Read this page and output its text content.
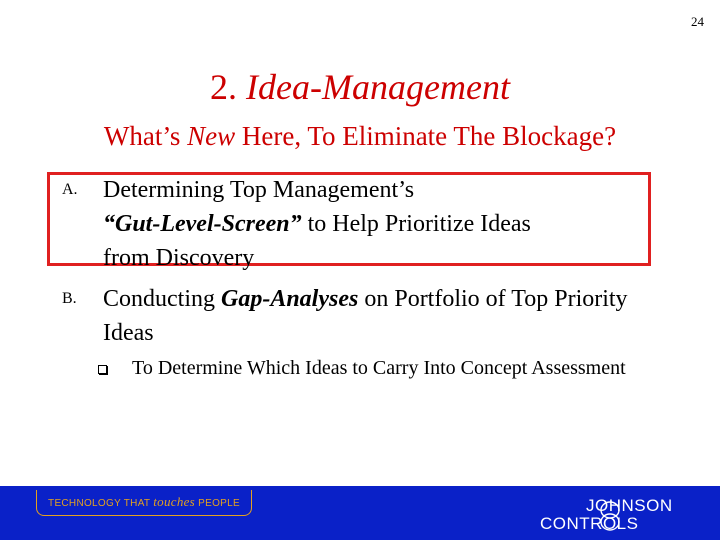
24
2. Idea-Management
What’s New Here, To Eliminate The Blockage?
A. Determining Top Management’s
“Gut-Level-Screen” to Help Prioritize Ideas
from Discovery
B. Conducting Gap-Analyses on Portfolio of Top Priority Ideas
To Determine Which Ideas to Carry Into Concept Assessment
TECHNOLOGY THAT touches PEOPLE	JOHNSON
CONTROLS
